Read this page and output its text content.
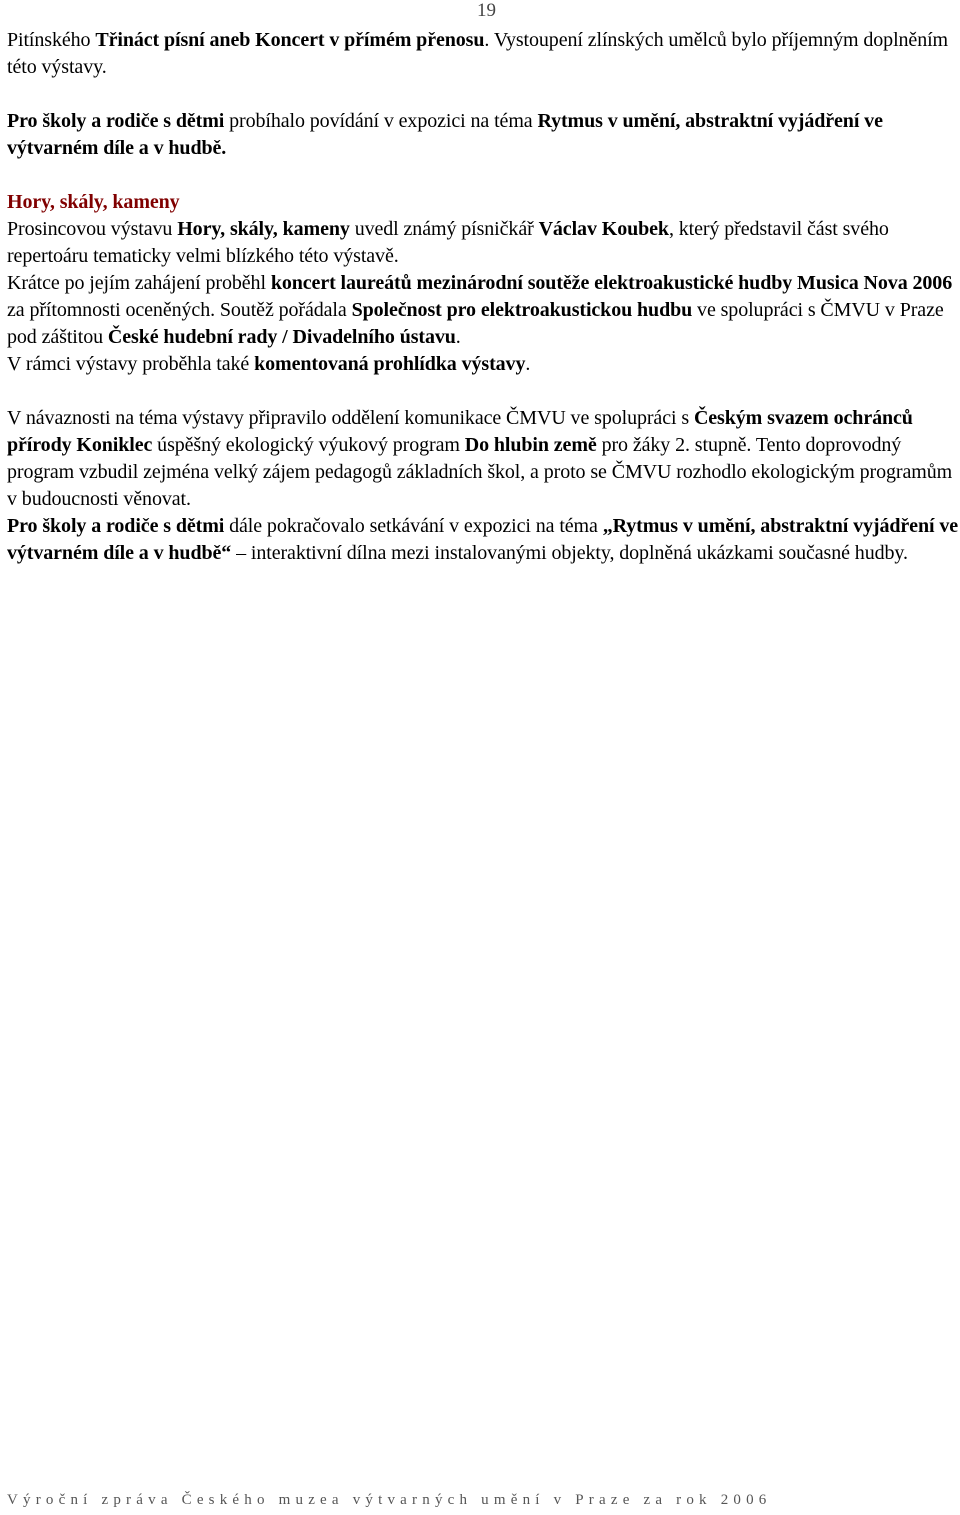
19

Pitínského Třináct písní aneb Koncert v přímém přenosu. Vystoupení zlínských umělců bylo příjemným doplněním této výstavy.

Pro školy a rodiče s dětmi probíhalo povídání v expozici na téma Rytmus v umění, abstraktní vyjádření ve výtvarném díle a v hudbě.

Hory, skály, kameny

Prosincovou výstavu Hory, skály, kameny uvedl známý písničkář Václav Koubek, který představil část svého repertoáru tematicky velmi blízkého této výstavě.

Krátce po jejím zahájení proběhl koncert laureátů mezinárodní soutěže elektroakustické hudby Musica Nova 2006 za přítomnosti oceněných. Soutěž pořádala Společnost pro elektroakustickou hudbu ve spolupráci s ČMVU v Praze pod záštitou České hudební rady / Divadelního ústavu.

V rámci výstavy proběhla také komentovaná prohlídka výstavy.

V návaznosti na téma výstavy připravilo oddělení komunikace ČMVU ve spolupráci s Českým svazem ochránců přírody Koniklec úspěšný ekologický výukový program Do hlubin země pro žáky 2. stupně. Tento doprovodný program vzbudil zejména velký zájem pedagogů základních škol, a proto se ČMVU rozhodlo ekologickým programům v budoucnosti věnovat.

Pro školy a rodiče s dětmi dále pokračovalo setkávání v expozici na téma „Rytmus v umění, abstraktní vyjádření ve výtvarném díle a v hudbě“ – interaktivní dílna mezi instalovanými objekty, doplněná ukázkami současné hudby.

Výroční zpráva Českého muzea výtvarných umění v Praze za rok 2006
